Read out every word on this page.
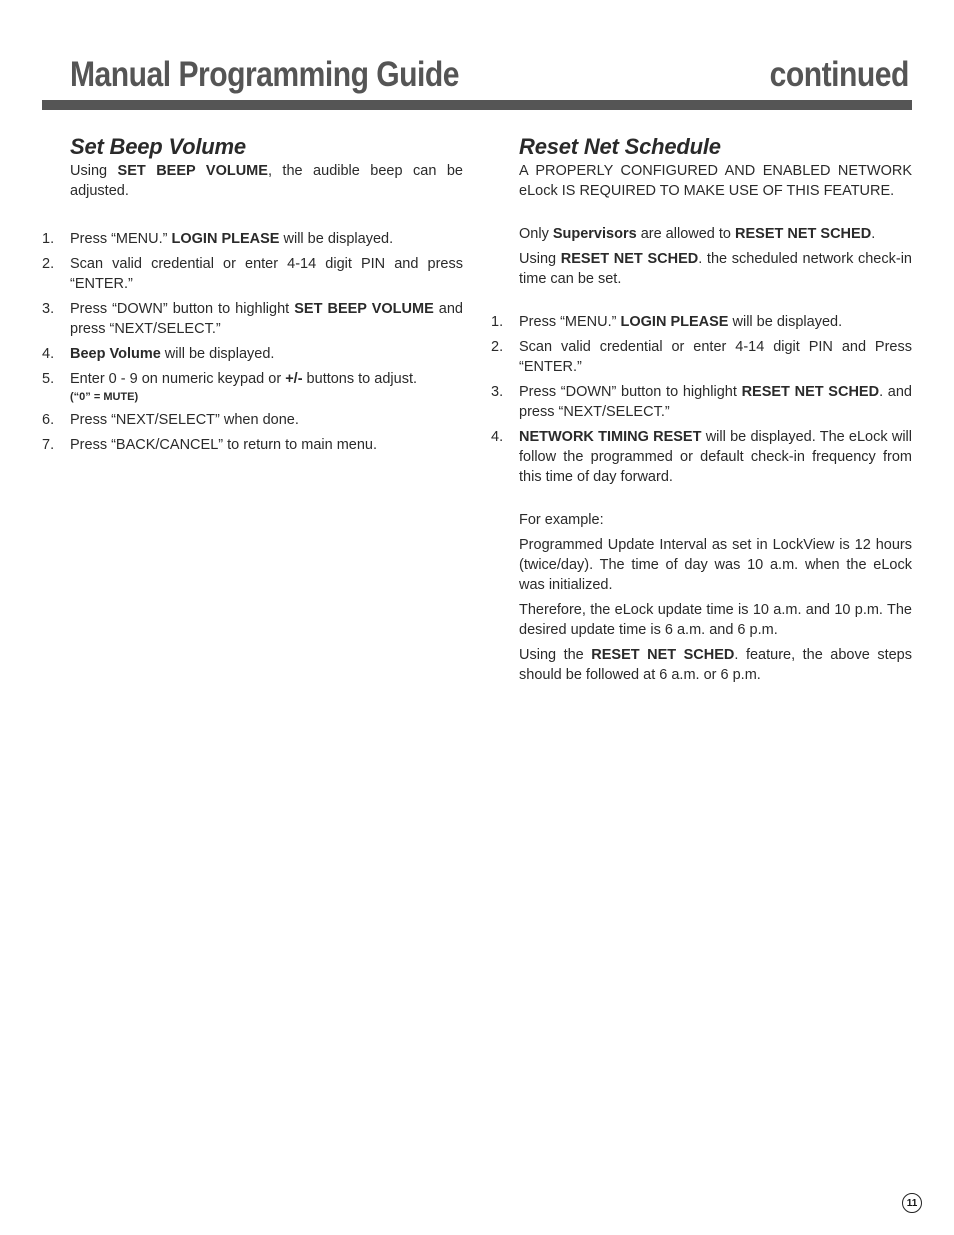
Manual Programming Guide	continued
Set Beep Volume

Using SET BEEP VOLUME, the audible beep can be adjusted.

1. Press “MENU.” LOGIN PLEASE will be displayed.
2. Scan valid credential or enter 4-14 digit PIN and press “ENTER.”
3. Press “DOWN” button to highlight SET BEEP VOLUME and press “NEXT/SELECT.”
4. Beep Volume will be displayed.
5. Enter 0 - 9 on numeric keypad or +/- buttons to adjust.
(“0” = MUTE)
6. Press “NEXT/SELECT” when done.
7. Press “BACK/CANCEL” to return to main menu.
Reset Net Schedule

A PROPERLY CONFIGURED AND ENABLED NETWORK eLock IS REQUIRED TO MAKE USE OF THIS FEATURE.

Only Supervisors are allowed to RESET NET SCHED.

Using RESET NET SCHED. the scheduled network check-in time can be set.

1. Press “MENU.” LOGIN PLEASE will be displayed.
2. Scan valid credential or enter 4-14 digit PIN and Press “ENTER.”
3. Press “DOWN” button to highlight RESET NET SCHED. and press “NEXT/SELECT.”
4. NETWORK TIMING RESET will be displayed. The eLock will follow the programmed or default check-in frequency from this time of day forward.

For example:

Programmed Update Interval as set in LockView is 12 hours (twice/day). The time of day was 10 a.m. when the eLock was initialized.

Therefore, the eLock update time is 10 a.m. and 10 p.m. The desired update time is 6 a.m. and 6 p.m.

Using the RESET NET SCHED. feature, the above steps should be followed at 6 a.m. or 6 p.m.

11
